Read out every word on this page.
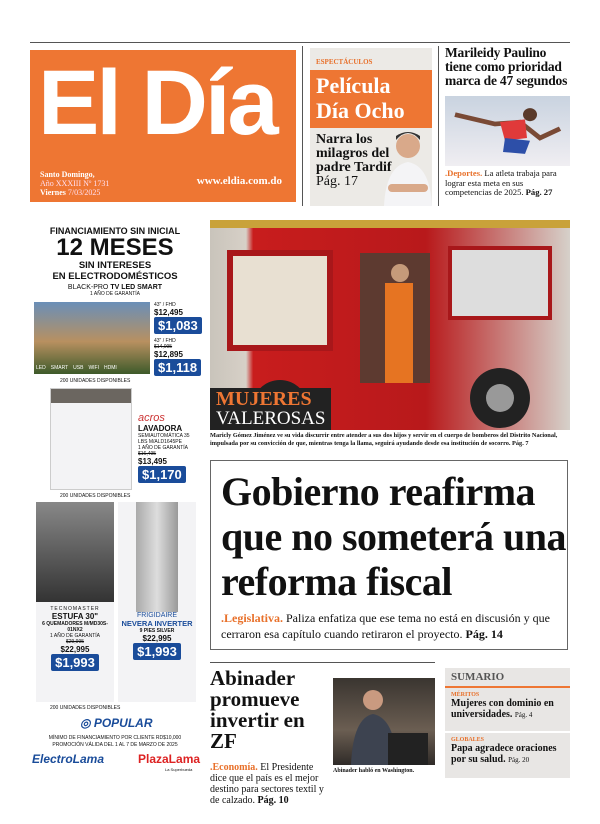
El Día
Santo Domingo,
Año XXXIII Nº 1731
Viernes 7/03/2025
www.eldia.com.do
ESPECTÁCULOS
Película Día Ocho
Narra los milagros del padre Tardif
Pág. 17
Marileidy Paulino tiene como prioridad marca de 47 segundos

.Deportes. La atleta trabaja para lograr esta meta en sus competencias de 2025. Pág. 27

MUJERES
VALEROSAS
Maricly Gómez Jiménez ve su vida discurrir entre atender a sus dos hijos y servir en el cuerpo de bomberos del Distrito Nacional, impulsada por su convicción de que, mientras tenga la llama, seguirá ayudando desde esa institución de socorro. Pág. 7
Gobierno reafirma que no someterá una reforma fiscal

.Legislativa. Paliza enfatiza que ese tema no está en discusión y que cerraron esa capítulo cuando retiraron el proyecto. Pág. 14

Abinader promueve invertir en ZF

.Economía. El Presidente dice que el país es el mejor destino para sectores textil y de calzado. Pág. 10

Abinader habló en Washington.
SUMARIO
MÉRITOS
Mujeres con dominio en universidades. Pág. 4
GLOBALES
Papa agradece oraciones por su salud. Pág. 20
FINANCIAMIENTO SIN INICIAL
12 MESES
SIN INTERESES
EN ELECTRODOMÉSTICOS
BLACK-PRO TV LED SMART
1 AÑO DE GARANTÍA
LED SMART USB WIFI HDMI
43" / FHD
$12,495
$1,083
43" / FHD
$14,095
$12,895
$1,118
200 UNIDADES DISPONIBLES
acros
LAVADORA
SEMIAUTOMÁTICA 35 LBS M/ALD1645PE
1 AÑO DE GARANTÍA
$16,495
$13,495
$1,170
200 UNIDADES DISPONIBLES
TECNOMASTER
ESTUFA 30"
6 QUEMADORES M/MD30S-01NX2
1 AÑO DE GARANTÍA
$29,995
$22,995
$1,993
FRIGIDAIRE
NEVERA INVERTER
9 PIES SILVER
$22,995
$1,993
200 UNIDADES DISPONIBLES
◎ POPULAR
MÍNIMO DE FINANCIAMIENTO POR CLIENTE RD$10,000
PROMOCIÓN VÁLIDA DEL 1 AL 7 DE MARZO DE 2025
ElectroLama	PlazaLama
La Superbueda
